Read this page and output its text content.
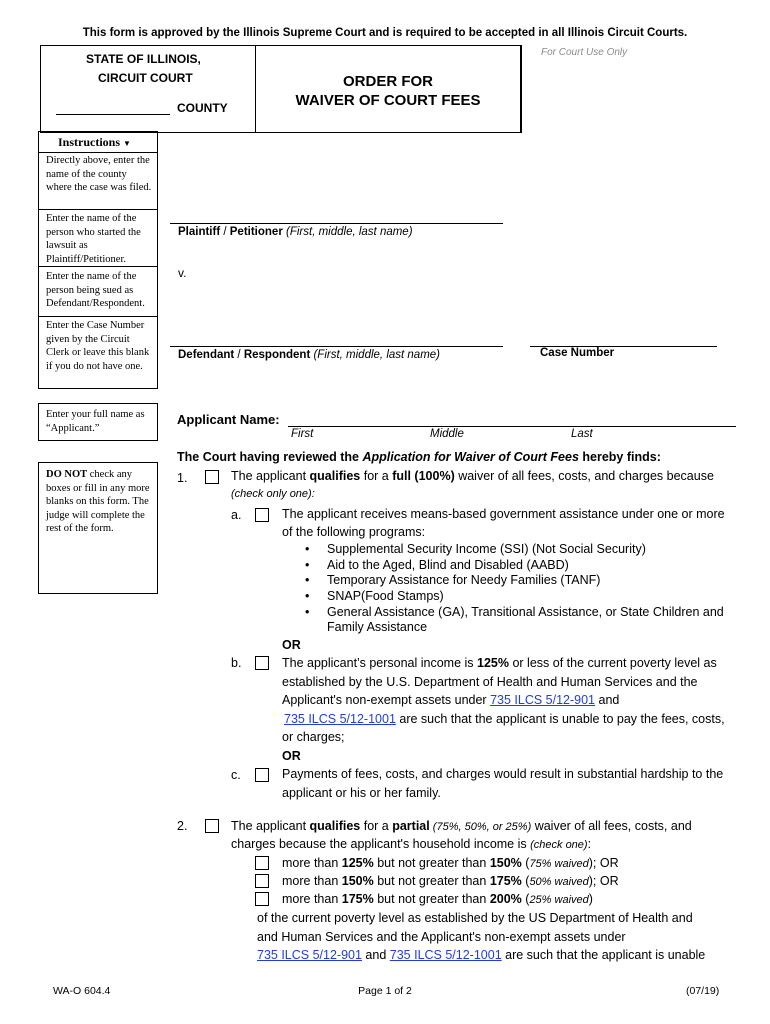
This form is approved by the Illinois Supreme Court and is required to be accepted in all Illinois Circuit Courts.
STATE OF ILLINOIS,
CIRCUIT COURT
COUNTY
ORDER FOR
WAIVER OF COURT FEES
For Court Use Only
Instructions ▼
Directly above, enter the name of the county where the case was filed.
Enter the name of the person who started the lawsuit as Plaintiff/Petitioner.
Enter the name of the person being sued as Defendant/Respondent.
Enter the Case Number given by the Circuit Clerk or leave this blank if you do not have one.
Enter your full name as “Applicant.”
DO NOT check any boxes or fill in any more blanks on this form. The judge will complete the rest of the form.
Plaintiff / Petitioner (First, middle, last name)
v.
Defendant / Respondent (First, middle, last name)	Case Number
Applicant Name:
First	Middle	Last
The Court having reviewed the Application for Waiver of Court Fees hereby finds:
1.	The applicant qualifies for a full (100%) waiver of all fees, costs, and charges because
(check only one):
a.	The applicant receives means-based government assistance under one or more
of the following programs:
• Supplemental Security Income (SSI) (Not Social Security)
• Aid to the Aged, Blind and Disabled (AABD)
• Temporary Assistance for Needy Families (TANF)
• SNAP(Food Stamps)
• General Assistance (GA), Transitional Assistance, or State Children and
Family Assistance
OR
b.	The applicant’s personal income is 125% or less of the current poverty level as
established by the U.S. Department of Health and Human Services and the
Applicant's non-exempt assets under 735 ILCS 5/12-901 and
735 ILCS 5/12-1001 are such that the applicant is unable to pay the fees, costs,
or charges;
OR
c.	Payments of fees, costs, and charges would result in substantial hardship to the
applicant or his or her family.
2.	The applicant qualifies for a partial (75%, 50%, or 25%) waiver of all fees, costs, and
charges because the applicant's household income is (check one):
more than 125% but not greater than 150% (75% waived); OR
more than 150% but not greater than 175% (50% waived); OR
more than 175% but not greater than 200% (25% waived)
of the current poverty level as established by the US Department of Health and
and Human Services and the Applicant's non-exempt assets under
735 ILCS 5/12-901 and 735 ILCS 5/12-1001 are such that the applicant is unable
WA-O 604.4	Page 1 of 2	(07/19)
